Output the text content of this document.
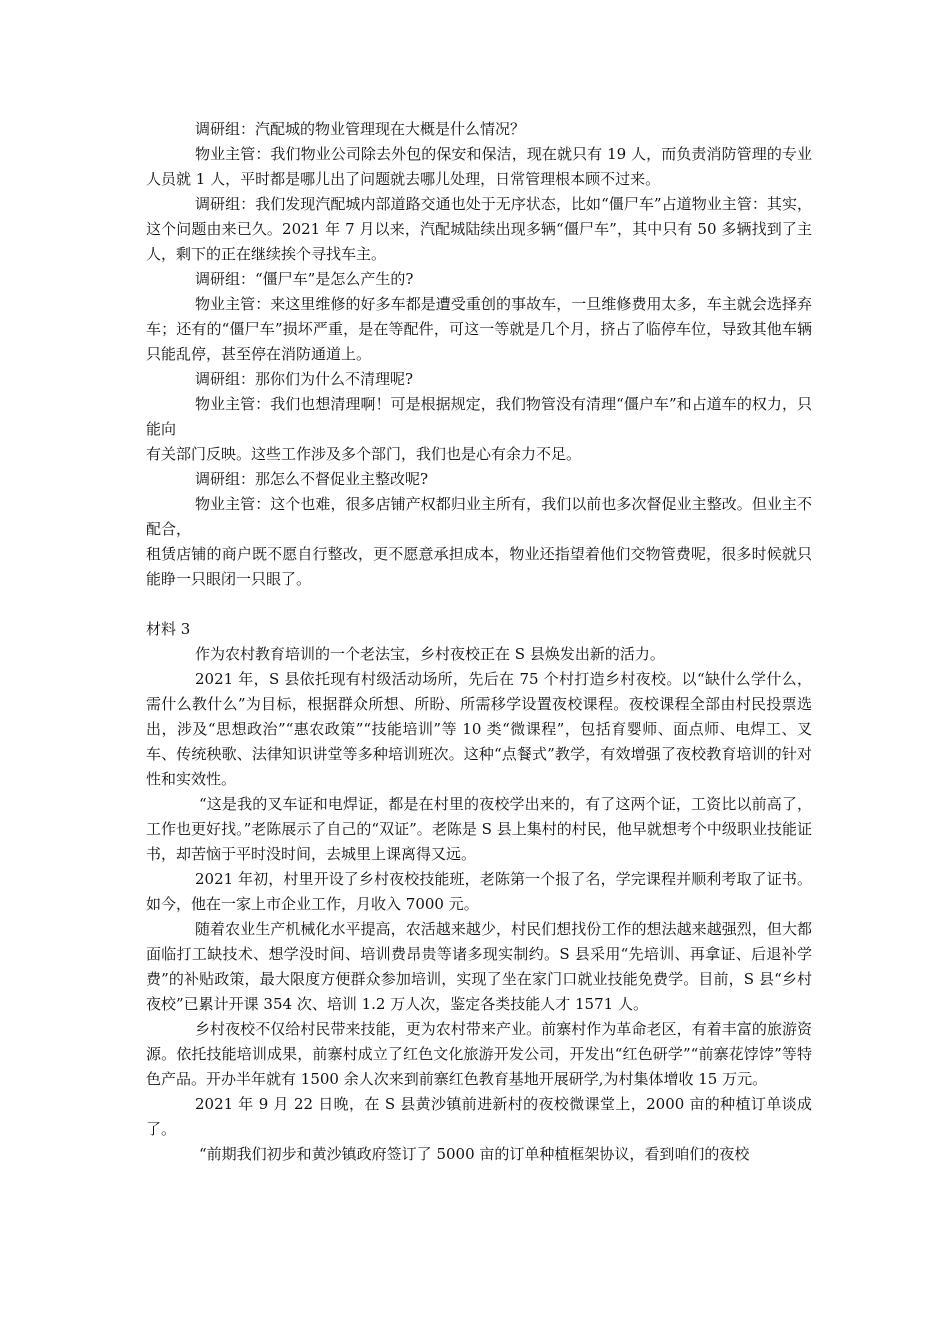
调研组：汽配城的物业管理现在大概是什么情况？

物业主管：我们物业公司除去外包的保安和保洁，现在就只有 19 人，而负责消防管理的专业人员就 1 人，平时都是哪儿出了问题就去哪儿处理，日常管理根本顾不过来。

调研组：我们发现汽配城内部道路交通也处于无序状态，比如“僵尸车”占道物业主管：其实，这个问题由来已久。2021 年 7 月以来，汽配城陆续出现多辆“僵尸车”，其中只有 50 多辆找到了主人，剩下的正在继续挨个寻找车主。

调研组：“僵尸车”是怎么产生的?

物业主管：来这里维修的好多车都是遭受重创的事故车，一旦维修费用太多，车主就会选择弃车；还有的“僵尸车”损坏严重，是在等配件，可这一等就是几个月，挤占了临停车位，导致其他车辆只能乱停，甚至停在消防通道上。

调研组：那你们为什么不清理呢?

物业主管：我们也想清理啊！可是根据规定，我们物管没有清理“僵户车”和占道车的权力，只能向

有关部门反映。这些工作涉及多个部门，我们也是心有余力不足。

调研组：那怎么不督促业主整改呢?

物业主管：这个也难，很多店铺产权都归业主所有，我们以前也多次督促业主整改。但业主不配合，

租赁店铺的商户既不愿自行整改，更不愿意承担成本，物业还指望着他们交物管费呢，很多时候就只能睁一只眼闭一只眼了。

材料 3

作为农村教育培训的一个老法宝，乡村夜校正在 S 县焕发出新的活力。

2021 年，S 县依托现有村级活动场所，先后在 75 个村打造乡村夜校。以“缺什么学什么，需什么教什么”为目标，根据群众所想、所盼、所需移学设置夜校课程。夜校课程全部由村民投票选出，涉及“思想政治”“惠农政策”“技能培训”等 10 类“微课程”，包括育婴师、面点师、电焊工、叉车、传统秧歌、法律知识讲堂等多种培训班次。这种“点餐式”教学，有效增强了夜校教育培训的针对性和实效性。

“这是我的叉车证和电焊证，都是在村里的夜校学出来的，有了这两个证，工资比以前高了，工作也更好找。”老陈展示了自己的“双证”。老陈是 S 县上集村的村民，他早就想考个中级职业技能证书，却苦恼于平时没时间，去城里上课离得又远。

2021 年初，村里开设了乡村夜校技能班，老陈第一个报了名，学完课程并顺利考取了证书。如今，他在一家上市企业工作，月收入 7000 元。

随着农业生产机械化水平提高，农活越来越少，村民们想找份工作的想法越来越强烈，但大都面临打工缺技术、想学没时间、培训费昂贵等诸多现实制约。S 县采用“先培训、再拿证、后退补学费”的补贴政策，最大限度方便群众参加培训，实现了坐在家门口就业技能免费学。目前，S 县“乡村夜校”已累计开课 354 次、培训 1.2 万人次，鉴定各类技能人才 1571 人。

乡村夜校不仅给村民带来技能，更为农村带来产业。前寨村作为革命老区，有着丰富的旅游资源。依托技能培训成果，前寨村成立了红色文化旅游开发公司，开发出“红色研学”“前寨花饽饽”等特色产品。开办半年就有 1500 余人次来到前寨红色教育基地开展研学,为村集体增收 15 万元。

2021 年 9 月 22 日晚，在 S 县黄沙镇前进新村的夜校微课堂上，2000 亩的种植订单谈成了。

“前期我们初步和黄沙镇政府签订了 5000 亩的订单种植框架协议，看到咱们的夜校
